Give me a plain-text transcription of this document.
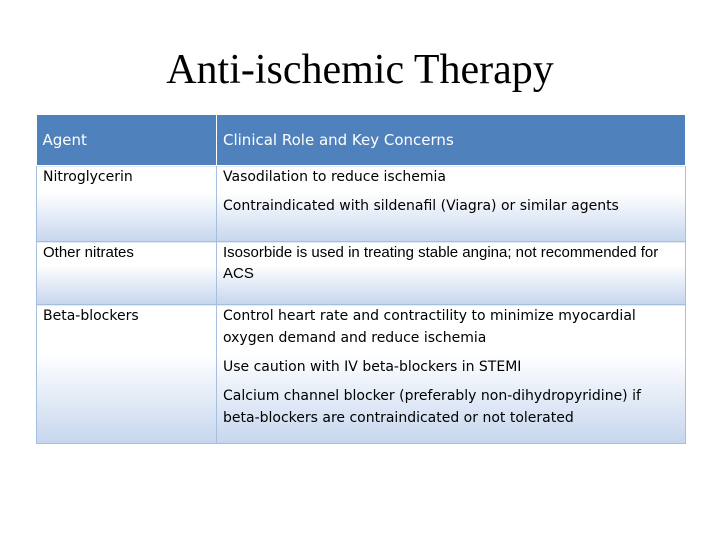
Anti-ischemic Therapy
Agent	Clinical Role and Key Concerns

Nitroglycerin	Vasodilation to reduce ischemia
Contraindicated with sildenafil (Viagra) or similar agents

Other nitrates	Isosorbide is used in treating stable angina; not recommended for ACS

Beta-blockers	Control heart rate and contractility to minimize myocardial oxygen demand and reduce ischemia
Use caution with IV beta-blockers in STEMI
Calcium channel blocker (preferably non-dihydropyridine) if beta-blockers are contraindicated or not tolerated
